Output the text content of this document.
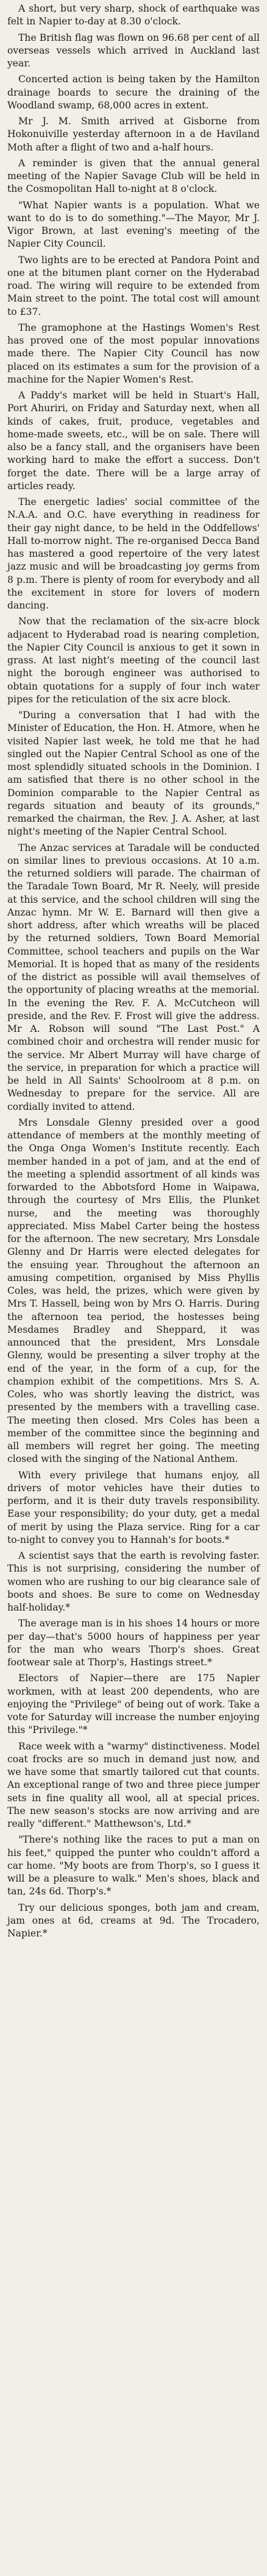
A short, but very sharp, shock of earthquake was felt in Napier to-day at 8.30 o'clock.

The British flag was flown on 96.68 per cent of all overseas vessels which arrived in Auckland last year.

Concerted action is being taken by the Hamilton drainage boards to secure the draining of the Woodland swamp, 68,000 acres in extent.

Mr J. M. Smith arrived at Gisborne from Hokonuiville yesterday afternoon in a de Haviland Moth after a flight of two and a-half hours.

A reminder is given that the annual general meeting of the Napier Savage Club will be held in the Cosmopolitan Hall to-night at 8 o'clock.

"What Napier wants is a population. What we want to do is to do something."—The Mayor, Mr J. Vigor Brown, at last evening's meeting of the Napier City Council.

Two lights are to be erected at Pandora Point and one at the bitumen plant corner on the Hyderabad road. The wiring will require to be extended from Main street to the point. The total cost will amount to £37.

The gramophone at the Hastings Women's Rest has proved one of the most popular innovations made there. The Napier City Council has now placed on its estimates a sum for the provision of a machine for the Napier Women's Rest.

A Paddy's market will be held in Stuart's Hall, Port Ahuriri, on Friday and Saturday next, when all kinds of cakes, fruit, produce, vegetables and home-made sweets, etc., will be on sale. There will also be a fancy stall, and the organisers have been working hard to make the effort a success. Don't forget the date. There will be a large array of articles ready.

The energetic ladies' social committee of the N.A.A. and O.C. have everything in readiness for their gay night dance, to be held in the Oddfellows' Hall to-morrow night. The re-organised Decca Band has mastered a good repertoire of the very latest jazz music and will be broadcasting joy germs from 8 p.m. There is plenty of room for everybody and all the excitement in store for lovers of modern dancing.

Now that the reclamation of the six-acre block adjacent to Hyderabad road is nearing completion, the Napier City Council is anxious to get it sown in grass. At last night's meeting of the council last night the borough engineer was authorised to obtain quotations for a supply of four inch water pipes for the reticulation of the six acre block.

"During a conversation that I had with the Minister of Education, the Hon. H. Atmore, when he visited Napier last week, he told me that he had singled out the Napier Central School as one of the most splendidly situated schools in the Dominion. I am satisfied that there is no other school in the Dominion comparable to the Napier Central as regards situation and beauty of its grounds," remarked the chairman, the Rev. J. A. Asher, at last night's meeting of the Napier Central School.

The Anzac services at Taradale will be conducted on similar lines to previous occasions. At 10 a.m. the returned soldiers will parade. The chairman of the Taradale Town Board, Mr R. Neely, will preside at this service, and the school children will sing the Anzac hymn. Mr W. E. Barnard will then give a short address, after which wreaths will be placed by the returned soldiers, Town Board Memorial Committee, school teachers and pupils on the War Memorial. It is hoped that as many of the residents of the district as possible will avail themselves of the opportunity of placing wreaths at the memorial. In the evening the Rev. F. A. McCutcheon will preside, and the Rev. F. Frost will give the address. Mr A. Robson will sound "The Last Post." A combined choir and orchestra will render music for the service. Mr Albert Murray will have charge of the service, in preparation for which a practice will be held in All Saints' Schoolroom at 8 p.m. on Wednesday to prepare for the service. All are cordially invited to attend.

Mrs Lonsdale Glenny presided over a good attendance of members at the monthly meeting of the Onga Onga Women's Institute recently. Each member handed in a pot of jam, and at the end of the meeting a splendid assortment of all kinds was forwarded to the Abbotsford Home in Waipawa, through the courtesy of Mrs Ellis, the Plunket nurse, and the meeting was thoroughly appreciated. Miss Mabel Carter being the hostess for the afternoon. The new secretary, Mrs Lonsdale Glenny and Dr Harris were elected delegates for the ensuing year. Throughout the afternoon an amusing competition, organised by Miss Phyllis Coles, was held, the prizes, which were given by Mrs T. Hassell, being won by Mrs O. Harris. During the afternoon tea period, the hostesses being Mesdames Bradley and Sheppard, it was announced that the president, Mrs Lonsdale Glenny, would be presenting a silver trophy at the end of the year, in the form of a cup, for the champion exhibit of the competitions. Mrs S. A. Coles, who was shortly leaving the district, was presented by the members with a travelling case. The meeting then closed. Mrs Coles has been a member of the committee since the beginning and all members will regret her going. The meeting closed with the singing of the National Anthem.

With every privilege that humans enjoy, all drivers of motor vehicles have their duties to perform, and it is their duty travels responsibility. Ease your responsibility; do your duty, get a medal of merit by using the Plaza service. Ring for a car to-night to convey you to Hannah's for boots.*

A scientist says that the earth is revolving faster. This is not surprising, considering the number of women who are rushing to our big clearance sale of boots and shoes. Be sure to come on Wednesday half-holiday.*

The average man is in his shoes 14 hours or more per day—that's 5000 hours of happiness per year for the man who wears Thorp's shoes. Great footwear sale at Thorp's, Hastings street.*

Electors of Napier—there are 175 Napier workmen, with at least 200 dependents, who are enjoying the "Privilege" of being out of work. Take a vote for Saturday will increase the number enjoying this "Privilege."*

Race week with a "warmy" distinctiveness. Model coat frocks are so much in demand just now, and we have some that smartly tailored cut that counts. An exceptional range of two and three piece jumper sets in fine quality all wool, all at special prices. The new season's stocks are now arriving and are really "different." Matthewson's, Ltd.*

"There's nothing like the races to put a man on his feet," quipped the punter who couldn't afford a car home. "My boots are from Thorp's, so I guess it will be a pleasure to walk." Men's shoes, black and tan, 24s 6d. Thorp's.*

Try our delicious sponges, both jam and cream, jam ones at 6d, creams at 9d. The Trocadero, Napier.*
